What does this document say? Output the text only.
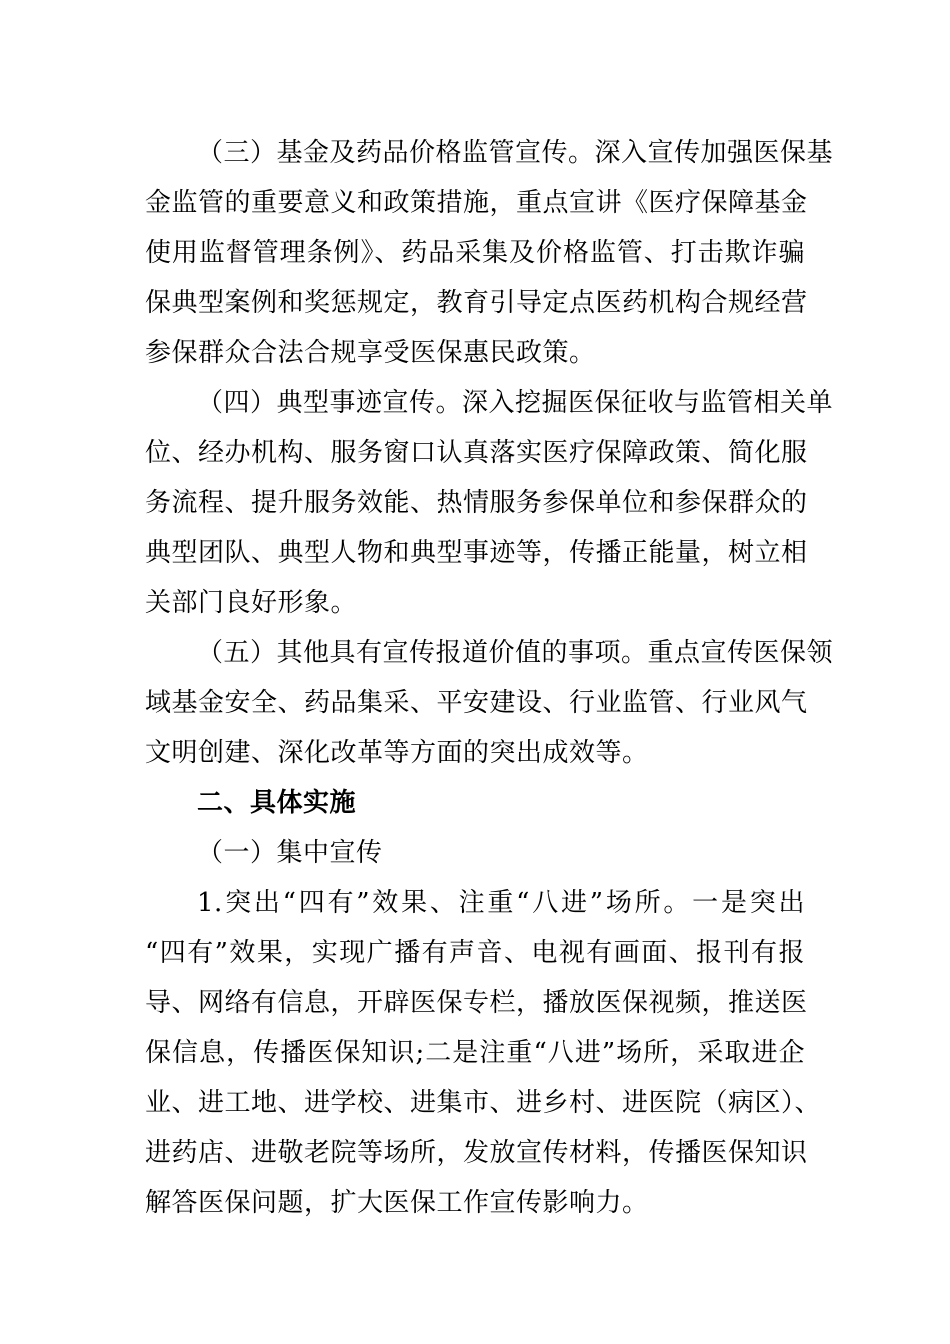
（三）基金及药品价格监管宣传。深入宣传加强医保基
金监管的重要意义和政策措施，重点宣讲《医疗保障基金
使用监督管理条例》、药品采集及价格监管、打击欺诈骗
保典型案例和奖惩规定，教育引导定点医药机构合规经营
参保群众合法合规享受医保惠民政策。
（四）典型事迹宣传。深入挖掘医保征收与监管相关单
位、经办机构、服务窗口认真落实医疗保障政策、简化服
务流程、提升服务效能、热情服务参保单位和参保群众的
典型团队、典型人物和典型事迹等，传播正能量，树立相
关部门良好形象。
（五）其他具有宣传报道价值的事项。重点宣传医保领
域基金安全、药品集采、平安建设、行业监管、行业风气
文明创建、深化改革等方面的突出成效等。
二、具体实施
（一）集中宣传
1.突出“四有”效果、注重“八进”场所。一是突出
“四有”效果，实现广播有声音、电视有画面、报刊有报
导、网络有信息，开辟医保专栏，播放医保视频，推送医
保信息，传播医保知识;二是注重“八进”场所，采取进企
业、进工地、进学校、进集市、进乡村、进医院（病区）、
进药店、进敬老院等场所，发放宣传材料，传播医保知识
解答医保问题，扩大医保工作宣传影响力。
